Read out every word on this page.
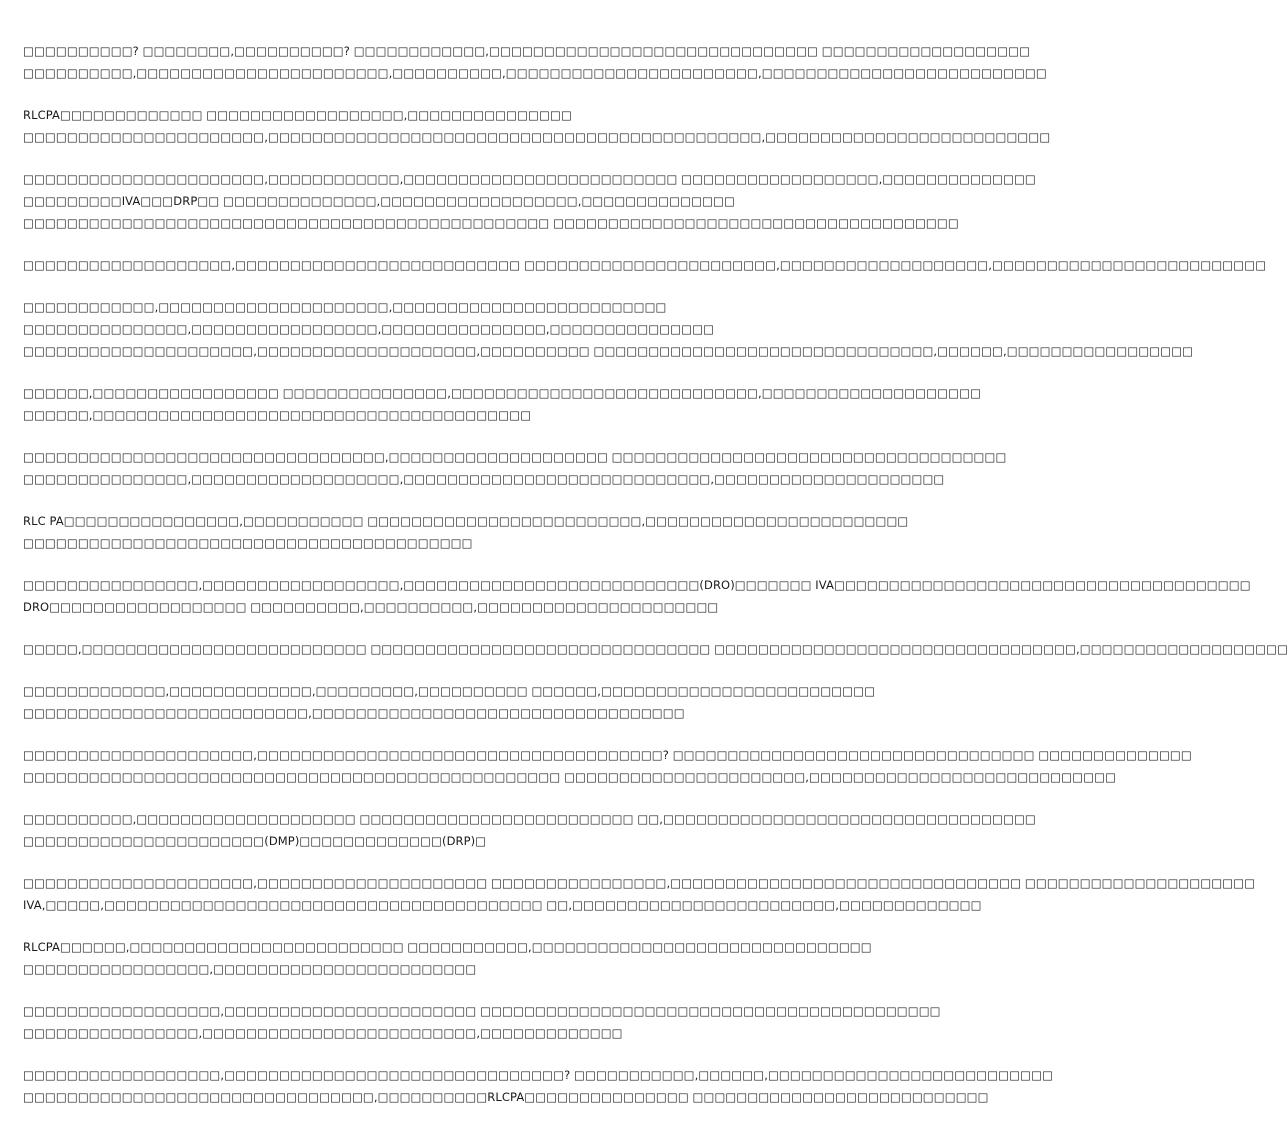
□□□□□□□□□□? □□□□□□□□,□□□□□□□□□□? □□□□□□□□□□□□,□□□□□□□□□□□□□□□□□□□□□□□□□□□□□□ □□□□□□□□□□□□□□□□□□□
□□□□□□□□□□,□□□□□□□□□□□□□□□□□□□□□□□,□□□□□□□□□□,□□□□□□□□□□□□□□□□□□□□□□□,□□□□□□□□□□□□□□□□□□□□□□□□□□
RLCPA□□□□□□□□□□□□□ □□□□□□□□□□□□□□□□□□,□□□□□□□□□□□□□□□
□□□□□□□□□□□□□□□□□□□□□□,□□□□□□□□□□□□□□□□□□□□□□□□□□□□□□□□□□□□□□□□□□□□□,□□□□□□□□□□□□□□□□□□□□□□□□□□
□□□□□□□□□□□□□□□□□□□□□□,□□□□□□□□□□□□,□□□□□□□□□□□□□□□□□□□□□□□□□ □□□□□□□□□□□□□□□□□□,□□□□□□□□□□□□□□
□□□□□□□□□IVA□□□DRP□□ □□□□□□□□□□□□□□,□□□□□□□□□□□□□□□□□□,□□□□□□□□□□□□□□
□□□□□□□□□□□□□□□□□□□□□□□□□□□□□□□□□□□□□□□□□□□□□□□□ □□□□□□□□□□□□□□□□□□□□□□□□□□□□□□□□□□□□□
□□□□□□□□□□□□□□□□□□□,□□□□□□□□□□□□□□□□□□□□□□□□□□ □□□□□□□□□□□□□□□□□□□□□□□,□□□□□□□□□□□□□□□□□□□,□□□□□□□□□□□□□□□□□□□□□□□□□
□□□□□□□□□□□□,□□□□□□□□□□□□□□□□□□□□□,□□□□□□□□□□□□□□□□□□□□□□□□□
□□□□□□□□□□□□□□□,□□□□□□□□□□□□□□□□□,□□□□□□□□□□□□□□□,□□□□□□□□□□□□□□□
□□□□□□□□□□□□□□□□□□□□□,□□□□□□□□□□□□□□□□□□□□,□□□□□□□□□□ □□□□□□□□□□□□□□□□□□□□□□□□□□□□□□□,□□□□□□,□□□□□□□□□□□□□□□□□
□□□□□□,□□□□□□□□□□□□□□□□□ □□□□□□□□□□□□□□□,□□□□□□□□□□□□□□□□□□□□□□□□□□□□,□□□□□□□□□□□□□□□□□□□□
□□□□□□,□□□□□□□□□□□□□□□□□□□□□□□□□□□□□□□□□□□□□□□□
□□□□□□□□□□□□□□□□□□□□□□□□□□□□□□□□□,□□□□□□□□□□□□□□□□□□□□ □□□□□□□□□□□□□□□□□□□□□□□□□□□□□□□□□□□□
□□□□□□□□□□□□□□□,□□□□□□□□□□□□□□□□□□□,□□□□□□□□□□□□□□□□□□□□□□□□□□□□,□□□□□□□□□□□□□□□□□□□□□
RLC PA□□□□□□□□□□□□□□□□,□□□□□□□□□□□ □□□□□□□□□□□□□□□□□□□□□□□□□,□□□□□□□□□□□□□□□□□□□□□□□□
□□□□□□□□□□□□□□□□□□□□□□□□□□□□□□□□□□□□□□□□□
□□□□□□□□□□□□□□□□,□□□□□□□□□□□□□□□□□□,□□□□□□□□□□□□□□□□□□□□□□□□□□□(DRO)□□□□□□□ IVA□□□□□□□□□□□□□□□□□□□□□□□□□□□□□□□□□□□□□□
DRO□□□□□□□□□□□□□□□□□□ □□□□□□□□□□,□□□□□□□□□□,□□□□□□□□□□□□□□□□□□□□□□
□□□□□,□□□□□□□□□□□□□□□□□□□□□□□□□□ □□□□□□□□□□□□□□□□□□□□□□□□□□□□□□□ □□□□□□□□□□□□□□□□□□□□□□□□□□□□□□□□□,□□□□□□□□□□□□□□□□□□□
□□□□□□□□□□□□□,□□□□□□□□□□□□□,□□□□□□□□□,□□□□□□□□□□ □□□□□□,□□□□□□□□□□□□□□□□□□□□□□□□□
□□□□□□□□□□□□□□□□□□□□□□□□□□,□□□□□□□□□□□□□□□□□□□□□□□□□□□□□□□□□□
□□□□□□□□□□□□□□□□□□□□□,□□□□□□□□□□□□□□□□□□□□□□□□□□□□□□□□□□□□□? □□□□□□□□□□□□□□□□□□□□□□□□□□□□□□□□□ □□□□□□□□□□□□□□
□□□□□□□□□□□□□□□□□□□□□□□□□□□□□□□□□□□□□□□□□□□□□□□□□ □□□□□□□□□□□□□□□□□□□□□□,□□□□□□□□□□□□□□□□□□□□□□□□□□□□
□□□□□□□□□□,□□□□□□□□□□□□□□□□□□□□ □□□□□□□□□□□□□□□□□□□□□□□□□ □□,□□□□□□□□□□□□□□□□□□□□□□□□□□□□□□□□□□
□□□□□□□□□□□□□□□□□□□□□□(DMP)□□□□□□□□□□□□□(DRP)□
□□□□□□□□□□□□□□□□□□□□□,□□□□□□□□□□□□□□□□□□□□□ □□□□□□□□□□□□□□□□,□□□□□□□□□□□□□□□□□□□□□□□□□□□□□□□□ □□□□□□□□□□□□□□□□□□□□□
IVA,□□□□□,□□□□□□□□□□□□□□□□□□□□□□□□□□□□□□□□□□□□□□□□ □□,□□□□□□□□□□□□□□□□□□□□□□□□,□□□□□□□□□□□□□
RLCPA□□□□□□,□□□□□□□□□□□□□□□□□□□□□□□□□ □□□□□□□□□□□,□□□□□□□□□□□□□□□□□□□□□□□□□□□□□□□
□□□□□□□□□□□□□□□□□,□□□□□□□□□□□□□□□□□□□□□□□□
□□□□□□□□□□□□□□□□□□,□□□□□□□□□□□□□□□□□□□□□□□ □□□□□□□□□□□□□□□□□□□□□□□□□□□□□□□□□□□□□□□□□□
□□□□□□□□□□□□□□□□,□□□□□□□□□□□□□□□□□□□□□□□□□,□□□□□□□□□□□□□
□□□□□□□□□□□□□□□□□□,□□□□□□□□□□□□□□□□□□□□□□□□□□□□□□□? □□□□□□□□□□□,□□□□□□,□□□□□□□□□□□□□□□□□□□□□□□□□□
□□□□□□□□□□□□□□□□□□□□□□□□□□□□□□□□,□□□□□□□□□□RLCPA□□□□□□□□□□□□□□□ □□□□□□□□□□□□□□□□□□□□□□□□□□□
